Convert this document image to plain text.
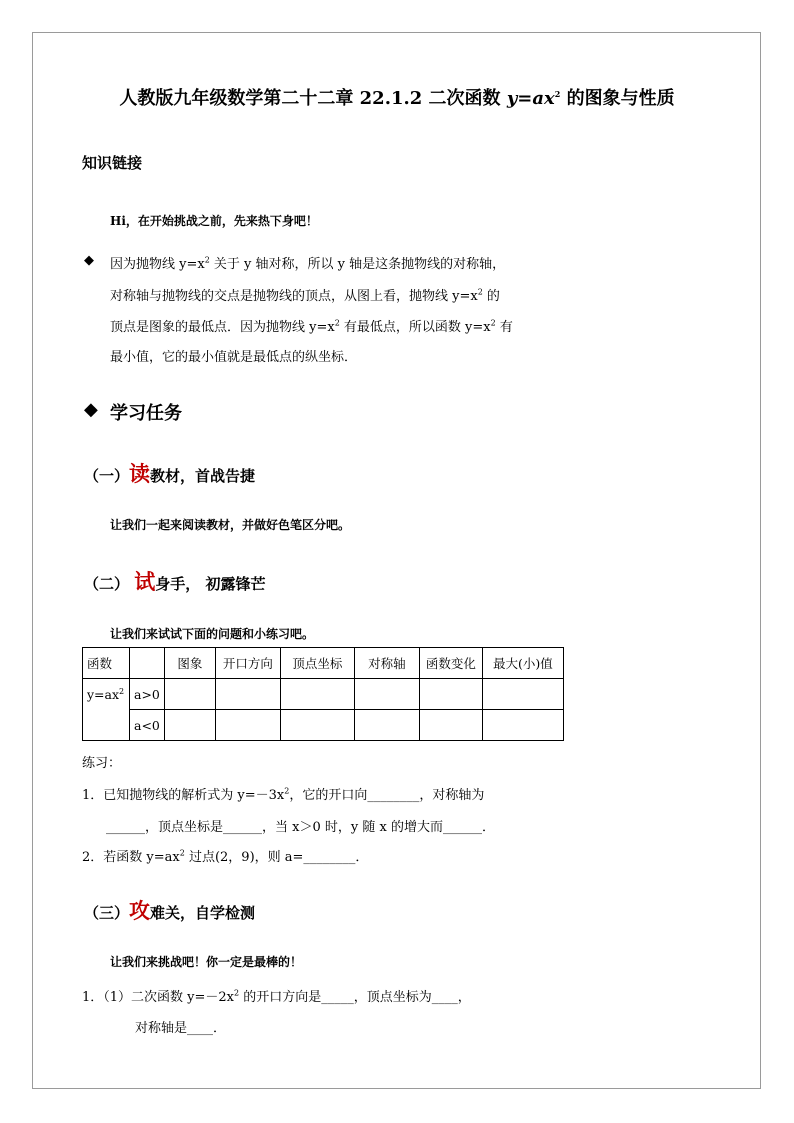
人教版九年级数学第二十二章 22.1.2 二次函数 $y=ax^2$ 的图象与性质
知识链接
Hi，在开始挑战之前，先来热下身吧！
◆ 因为抛物线 $y=x^2$ 关于 y 轴对称，所以 y 轴是这条抛物线的对称轴，
对称轴与抛物线的交点是抛物线的顶点，从图上看，抛物线 $y=x^2$ 的
顶点是图象的最低点．因为抛物线 $y=x^2$ 有最低点，所以函数 $y=x^2$ 有
最小值，它的最小值就是最低点的纵坐标．
◆ 学习任务
（一）读教材，首战告捷
让我们一起来阅读教材，并做好色笔区分吧。
（二） 试身手， 初露锋芒
让我们来试试下面的问题和小练习吧。
函数		图象	开口方向	顶点坐标	对称轴	函数变化	最大(小)值
$y=ax^2$	a>0						
	a<0						
练习：
1．已知抛物线的解析式为 $y=-3x^2$，它的开口向________，对称轴为
______，顶点坐标是______，当 x＞0 时，y 随 x 的增大而______．
2．若函数 $y=ax^2$ 过点(2，9)，则 a=________．
（三）攻难关，自学检测
让我们来挑战吧！你一定是最棒的！
1．（1）二次函数 $y=-2x^2$ 的开口方向是_____，顶点坐标为____，
对称轴是____．
